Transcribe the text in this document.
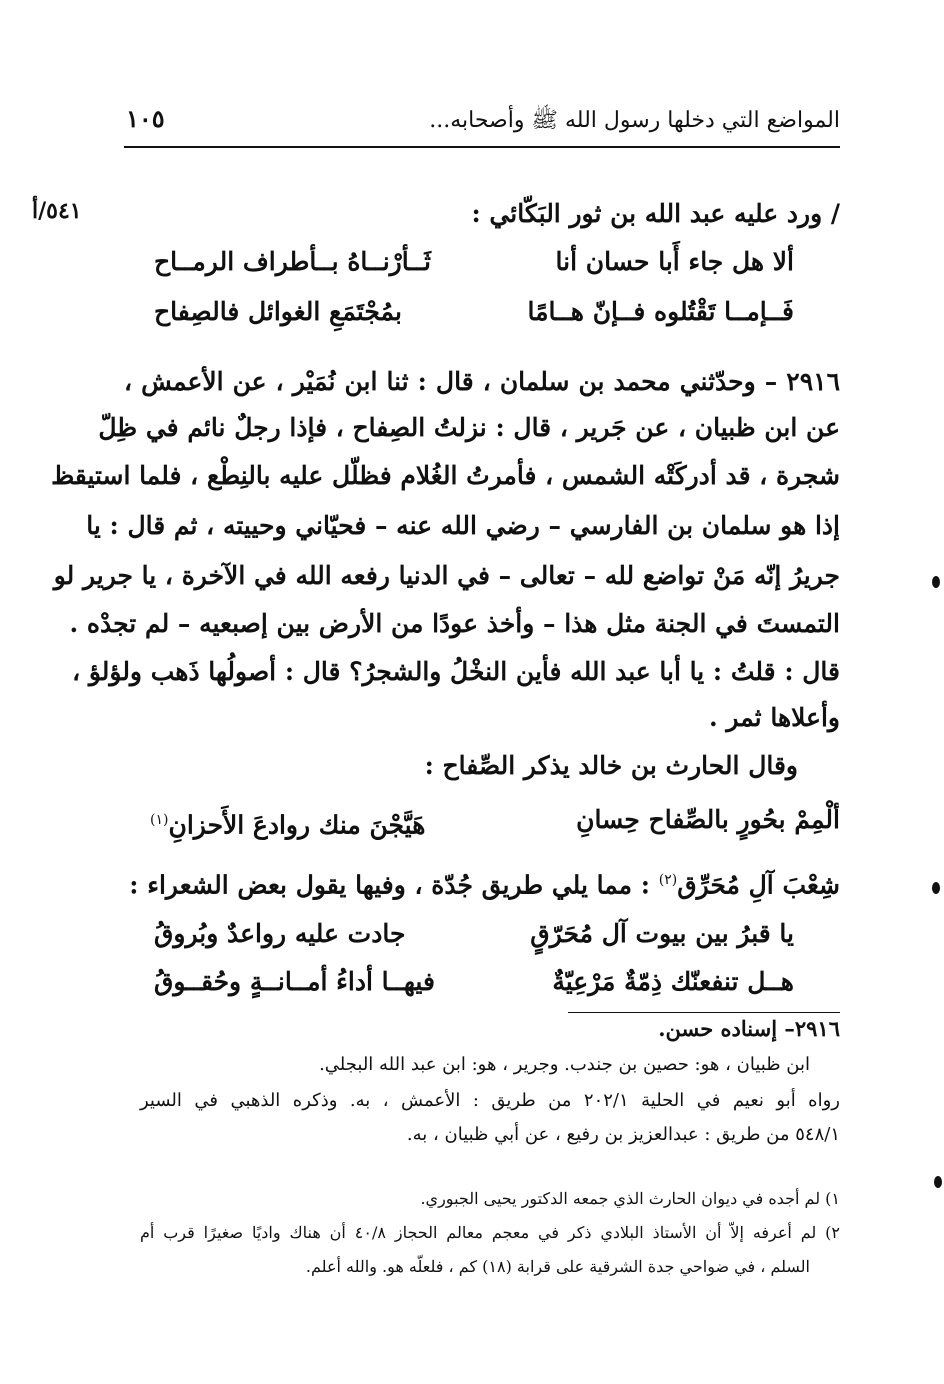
المواضع التي دخلها رسول الله ﷺ وأصحابه...
١٠٥
٥٤١/أ	/ ورد عليه عبد الله بن ثور البَكّائي :
ألا هل جاء أَبا حسان أنا
ثَــأرْنــاهُ بــأطراف الرمــاح
فَــإمــا تَقْتُلوه فــإنّ هــامًا
بمُجْتَمَعِ الغوائل فالصِفاح
٢٩١٦ – وحدّثني محمد بن سلمان ، قال : ثنا ابن نُمَيْر ، عن الأعمش ،
عن ابن ظبيان ، عن جَرير ، قال : نزلتُ الصِفاح ، فإذا رجلٌ نائم في ظِلّ
شجرة ، قد أدركَتْه الشمس ، فأمرتُ الغُلام فظلّل عليه بالنِطْع ، فلما استيقظ
إذا هو سلمان بن الفارسي – رضي الله عنه – فحيّاني وحييته ، ثم قال : يا
جريرُ إنّه مَنْ تواضع لله – تعالى – في الدنيا رفعه الله في الآخرة ، يا جرير لو
التمستَ في الجنة مثل هذا – وأخذ عودًا من الأرض بين إصبعيه – لم تجدْه .
قال : قلتُ : يا أبا عبد الله فأين النخْلُ والشجرُ؟ قال : أصولُها ذَهب ولؤلؤ ،
وأعلاها ثمر .
وقال الحارث بن خالد يذكر الصِّفاح :
ألْمِمْ بحُورٍ بالصِّفاح حِسانِ
هَيَّجْنَ منك روادعَ الأَحزانِ$^{(١)}$
شِعْبَ آلِ مُحَرِّق$^{(٢)}$ : مما يلي طريق جُدّة ، وفيها يقول بعض الشعراء :
يا قبرُ بين بيوت آل مُحَرّقٍ
جادت عليه رواعدٌ وبُروقُ
هــل تنفعنّك ذِمّةٌ مَرْعِيّةٌ
فيهــا أداءُ أمــانــةٍ وحُقــوقُ
٢٩١٦– إسناده حسن.
ابن ظبيان ، هو: حصين بن جندب. وجرير ، هو: ابن عبد الله البجلي.
رواه أبو نعيم في الحلية ٢٠٢/١ من طريق : الأعمش ، به. وذكره الذهبي في السير
٥٤٨/١ من طريق : عبدالعزيز بن رفيع ، عن أبي ظبيان ، به.
١) لم أجده في ديوان الحارث الذي جمعه الدكتور يحيى الجبوري.
٢) لم أعرفه إلاّ أن الأستاذ البلادي ذكر في معجم معالم الحجاز ٤٠/٨ أن هناك واديًا صغيرًا قرب أم
السلم ، في ضواحي جدة الشرقية على قرابة (١٨) كم ، فلعلّه هو. والله أعلم.
